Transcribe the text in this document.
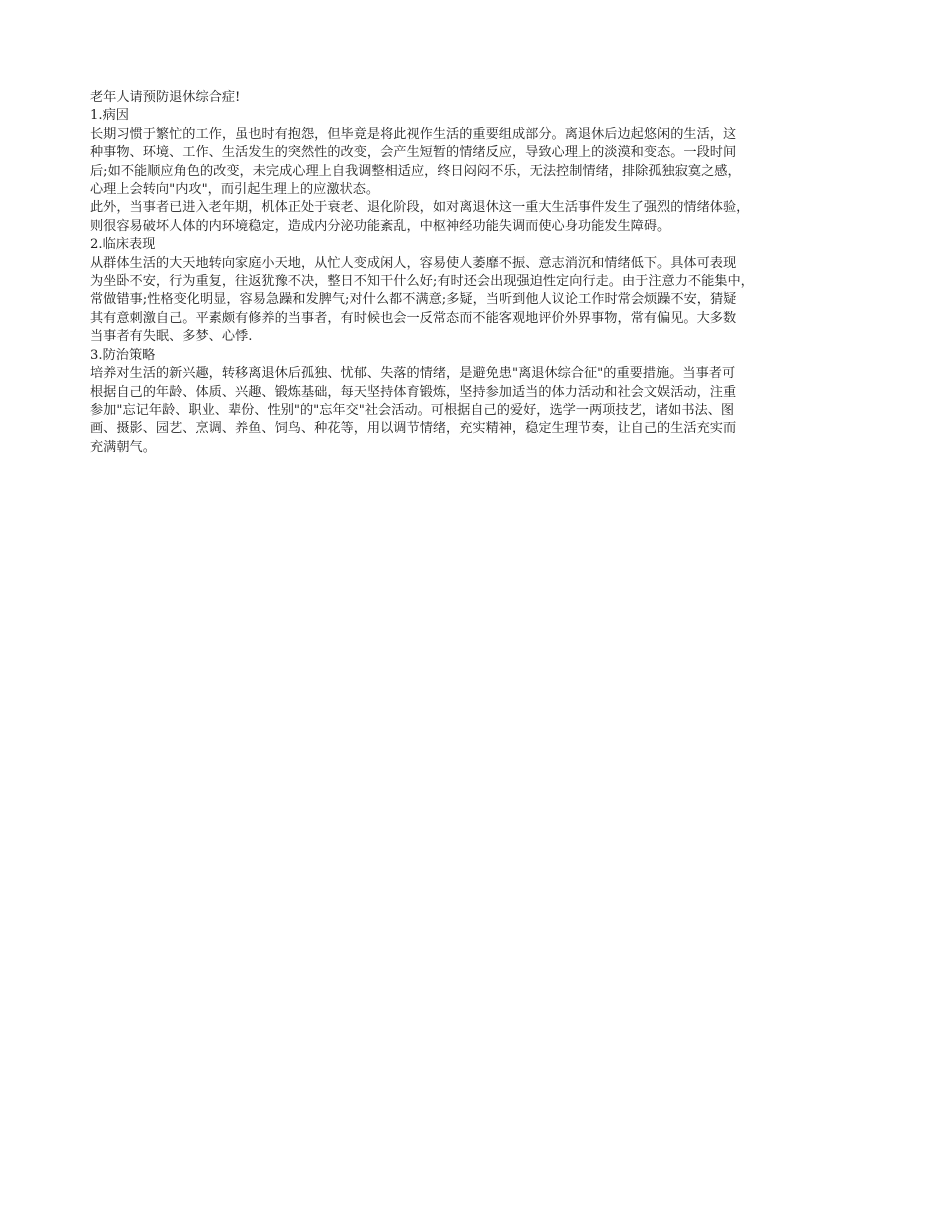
老年人请预防退休综合症!
1.病因
长期习惯于繁忙的工作，虽也时有抱怨，但毕竟是将此视作生活的重要组成部分。离退休后边起悠闲的生活，这
种事物、环境、工作、生活发生的突然性的改变，会产生短暂的情绪反应，导致心理上的淡漠和变态。一段时间
后;如不能顺应角色的改变，未完成心理上自我调整相适应，终日闷闷不乐，无法控制情绪，排除孤独寂寞之感，
心理上会转向"内攻"，而引起生理上的应激状态。
此外，当事者已进入老年期，机体正处于衰老、退化阶段，如对离退休这一重大生活事件发生了强烈的情绪体验，
则很容易破坏人体的内环境稳定，造成内分泌功能紊乱，中枢神经功能失调而使心身功能发生障碍。
2.临床表现
从群体生活的大天地转向家庭小天地，从忙人变成闲人，容易使人萎靡不振、意志消沉和情绪低下。具体可表现
为坐卧不安，行为重复，往返犹豫不决，整日不知干什么好;有时还会出现强迫性定向行走。由于注意力不能集中，
常做错事;性格变化明显，容易急躁和发脾气;对什么都不满意;多疑，当听到他人议论工作时常会烦躁不安，猜疑
其有意刺激自己。平素颇有修养的当事者，有时候也会一反常态而不能客观地评价外界事物，常有偏见。大多数
当事者有失眠、多梦、心悸.
3.防治策略
培养对生活的新兴趣，转移离退休后孤独、忧郁、失落的情绪，是避免患"离退休综合征"的重要措施。当事者可
根据自己的年龄、体质、兴趣、锻炼基础，每天坚持体育锻炼，坚持参加适当的体力活动和社会文娱活动，注重
参加"忘记年龄、职业、辈份、性别"的"忘年交"社会活动。可根据自己的爱好，选学一两项技艺，诸如书法、图
画、摄影、园艺、烹调、养鱼、饲鸟、种花等，用以调节情绪，充实精神，稳定生理节奏，让自己的生活充实而
充满朝气。
